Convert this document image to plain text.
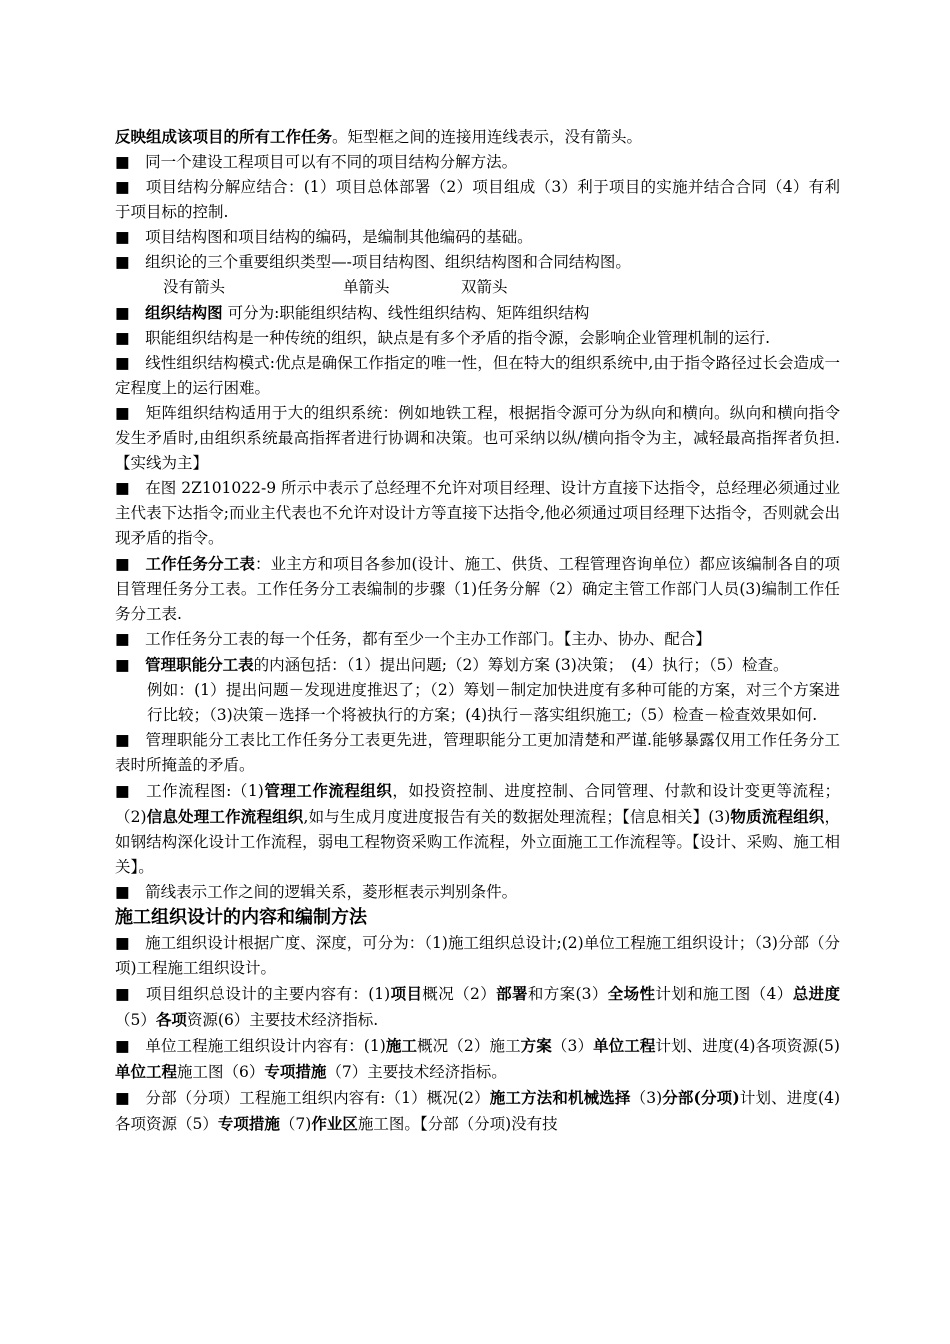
反映组成该项目的所有工作任务。矩型框之间的连接用连线表示，没有箭头。

■　同一个建设工程项目可以有不同的项目结构分解方法。

■　项目结构分解应结合：(1）项目总体部署（2）项目组成（3）利于项目的实施并结合合同（4）有利于项目标的控制.

■　项目结构图和项目结构的编码，是编制其他编码的基础。

■　组织论的三个重要组织类型—-项目结构图、组织结构图和合同结构图。

没有箭头	单箭头	双箭头

■　组织结构图 可分为:职能组织结构、线性组织结构、矩阵组织结构

■　职能组织结构是一种传统的组织，缺点是有多个矛盾的指令源，会影响企业管理机制的运行.

■　线性组织结构模式:优点是确保工作指定的唯一性，但在特大的组织系统中,由于指令路径过长会造成一定程度上的运行困难。

■　矩阵组织结构适用于大的组织系统：例如地铁工程，根据指令源可分为纵向和横向。纵向和横向指令发生矛盾时,由组织系统最高指挥者进行协调和决策。也可采纳以纵/横向指令为主，减轻最高指挥者负担.【实线为主】

■　在图 2Z101022-9 所示中表示了总经理不允许对项目经理、设计方直接下达指令，总经理必须通过业主代表下达指令;而业主代表也不允许对设计方等直接下达指令,他必须通过项目经理下达指令，否则就会出现矛盾的指令。

■　工作任务分工表：业主方和项目各参加(设计、施工、供货、工程管理咨询单位）都应该编制各自的项目管理任务分工表。工作任务分工表编制的步骤（1)任务分解（2）确定主管工作部门人员(3)编制工作任务分工表.

■　工作任务分工表的每一个任务，都有至少一个主办工作部门。【主办、协办、配合】

■　管理职能分工表的内涵包括：（1）提出问题;（2）筹划方案 (3)决策；　(4）执行；（5）检查。

例如：(1）提出问题－发现进度推迟了；（2）筹划－制定加快进度有多种可能的方案，对三个方案进行比较；（3)决策－选择一个将被执行的方案；(4)执行－落实组织施工;（5）检查－检查效果如何.

■　管理职能分工表比工作任务分工表更先进，管理职能分工更加清楚和严谨.能够暴露仅用工作任务分工表时所掩盖的矛盾。

■　工作流程图:（1)管理工作流程组织，如投资控制、进度控制、合同管理、付款和设计变更等流程；（2)信息处理工作流程组织,如与生成月度进度报告有关的数据处理流程；【信息相关】(3)物质流程组织，如钢结构深化设计工作流程，弱电工程物资采购工作流程，外立面施工工作流程等。【设计、采购、施工相关】。

■　箭线表示工作之间的逻辑关系，菱形框表示判别条件。

施工组织设计的内容和编制方法

■　施工组织设计根据广度、深度，可分为：（1)施工组织总设计;(2)单位工程施工组织设计；（3)分部（分项)工程施工组织设计。

■　项目组织总设计的主要内容有：(1)项目概况（2）部署和方案(3）全场性计划和施工图（4）总进度（5）各项资源(6）主要技术经济指标.

■　单位工程施工组织设计内容有：(1)施工概况（2）施工方案（3）单位工程计划、进度(4)各项资源(5)单位工程施工图（6）专项措施（7）主要技术经济指标。

■　分部（分项）工程施工组织内容有:（1）概况(2）施工方法和机械选择（3)分部(分项)计划、进度(4)各项资源（5）专项措施（7)作业区施工图。【分部（分项)没有技
